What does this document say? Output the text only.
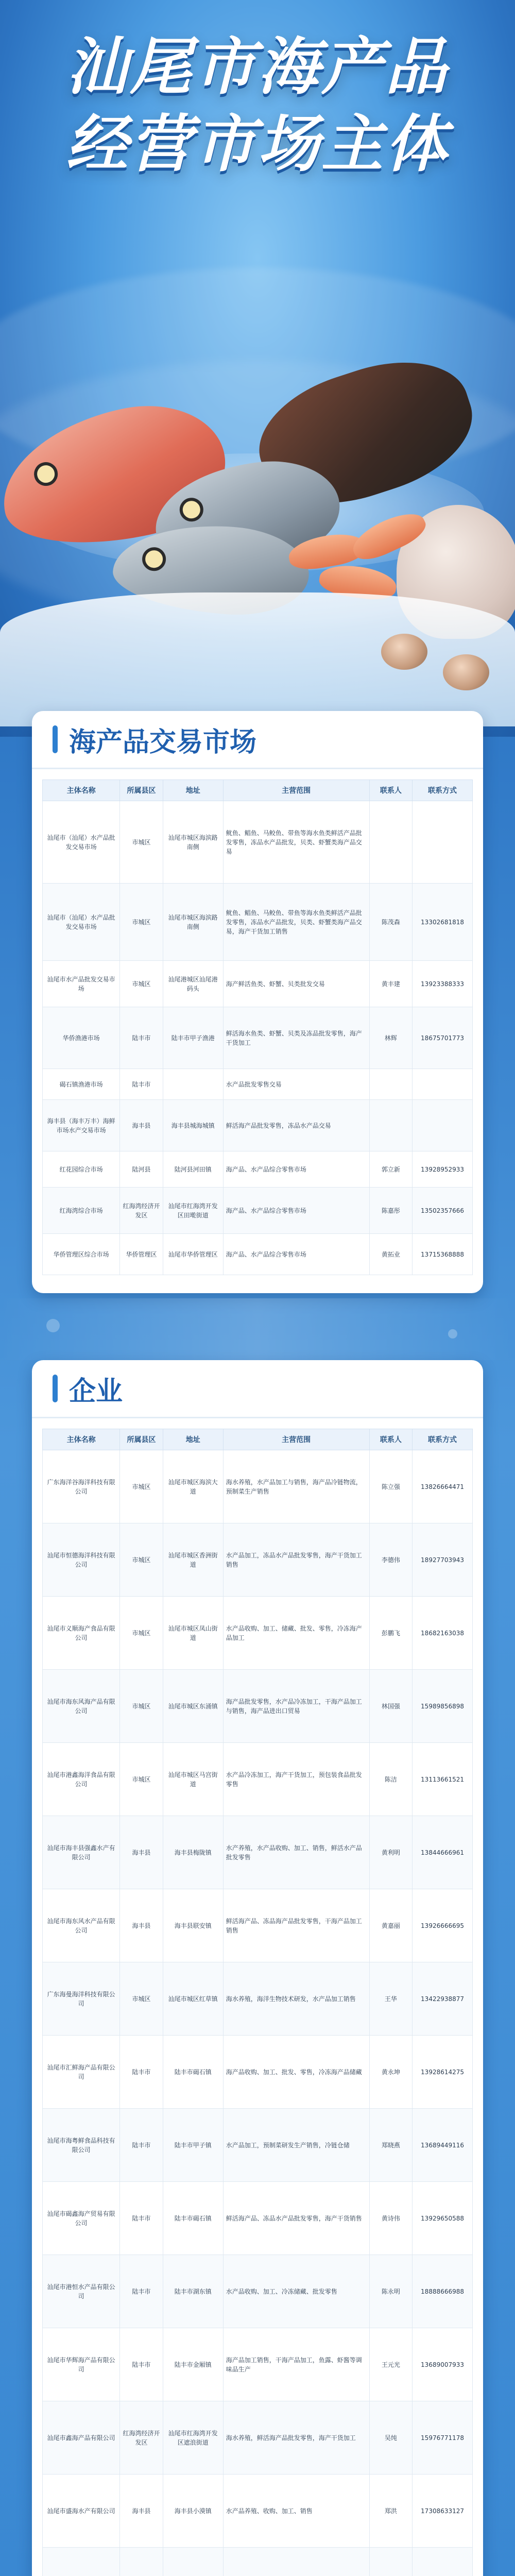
汕尾市海产品
经营市场主体
海产品交易市场
主体名称	所属县区	地址	主营范围	联系人	联系方式
汕尾市（汕尾）水产品批发交易市场	市城区	汕尾市城区海滨路南侧	鱿鱼、鲳鱼、马鲛鱼、带鱼等海水鱼类鲜活产品批发零售，冻品水产品批发，贝类、虾蟹类海产品交易		
汕尾市（汕尾）水产品批发交易市场	市城区	汕尾市城区海滨路南侧	鱿鱼、鲳鱼、马鲛鱼、带鱼等海水鱼类鲜活产品批发零售，冻品水产品批发，贝类、虾蟹类海产品交易，海产干货加工销售	陈茂森	13302681818
汕尾市水产品批发交易市场	市城区	汕尾港城区汕尾港码头	海产鲜活鱼类、虾蟹、贝类批发交易	黄丰建	13923388333
华侨渔港市场	陆丰市	陆丰市甲子渔港	鲜活海水鱼类、虾蟹、贝类及冻品批发零售，海产干货加工	林辉	18675701773
碣石镇渔港市场	陆丰市		水产品批发零售交易		
海丰县（海丰万丰）海鲜市场水产交易市场	海丰县	海丰县城海城镇	鲜活海产品批发零售，冻品水产品交易		
红花园综合市场	陆河县	陆河县河田镇	海产品、水产品综合零售市场	郭立新	13928952933
红海湾综合市场	红海湾经济开发区	汕尾市红海湾开发区田墘街道	海产品、水产品综合零售市场	陈嘉彤	13502357666
华侨管理区综合市场	华侨管理区	汕尾市华侨管理区	海产品、水产品综合零售市场	黄拓业	13715368888
企业
主体名称	所属县区	地址	主营范围	联系人	联系方式
广东海洋谷海洋科技有限公司	市城区	汕尾市城区海滨大道	海水养殖，水产品加工与销售，海产品冷链物流，预制菜生产销售	陈立强	13826664471
汕尾市恒德海洋科技有限公司	市城区	汕尾市城区香洲街道	水产品加工，冻品水产品批发零售，海产干货加工销售	李德伟	18927703943
汕尾市义顺海产食品有限公司	市城区	汕尾市城区凤山街道	水产品收购、加工、储藏、批发、零售，冷冻海产品加工	彭鹏飞	18682163038
汕尾市海东风海产品有限公司	市城区	汕尾市城区东涌镇	海产品批发零售，水产品冷冻加工，干海产品加工与销售，海产品进出口贸易	林国强	15989856898
汕尾市港鑫海洋食品有限公司	市城区	汕尾市城区马宫街道	水产品冷冻加工，海产干货加工，预包装食品批发零售	陈洁	13113661521
汕尾市海丰县强鑫水产有限公司	海丰县	海丰县梅陇镇	水产养殖，水产品收购、加工、销售，鲜活水产品批发零售	黄利明	13844666961
汕尾市海东风水产品有限公司	海丰县	海丰县联安镇	鲜活海产品、冻品海产品批发零售，干海产品加工销售	黄嘉丽	13926666695
广东海曼海洋科技有限公司	市城区	汕尾市城区红草镇	海水养殖，海洋生物技术研发，水产品加工销售	王华	13422938877
汕尾市汇鲜海产品有限公司	陆丰市	陆丰市碣石镇	海产品收购、加工、批发、零售，冷冻海产品储藏	黄永坤	13928614275
汕尾市海粤鲜食品科技有限公司	陆丰市	陆丰市甲子镇	水产品加工，预制菜研发生产销售，冷链仓储	郑晓燕	13689449116
汕尾市碣鑫海产贸易有限公司	陆丰市	陆丰市碣石镇	鲜活海产品、冻品水产品批发零售，海产干货销售	黄诗伟	13929650588
汕尾市港恒水产品有限公司	陆丰市	陆丰市湖东镇	水产品收购、加工、冷冻储藏、批发零售	陈永明	18888666988
汕尾市华辉海产品有限公司	陆丰市	陆丰市金厢镇	海产品加工销售，干海产品加工，鱼露、虾酱等调味品生产	王元光	13689007933
汕尾市鑫海产品有限公司	红海湾经济开发区	汕尾市红海湾开发区遮浪街道	海水养殖，鲜活海产品批发零售，海产干货加工	吴纯	15976771178
汕尾市盛海水产有限公司	海丰县	海丰县小漠镇	水产品养殖、收购、加工、销售	郑洪	17308633127
